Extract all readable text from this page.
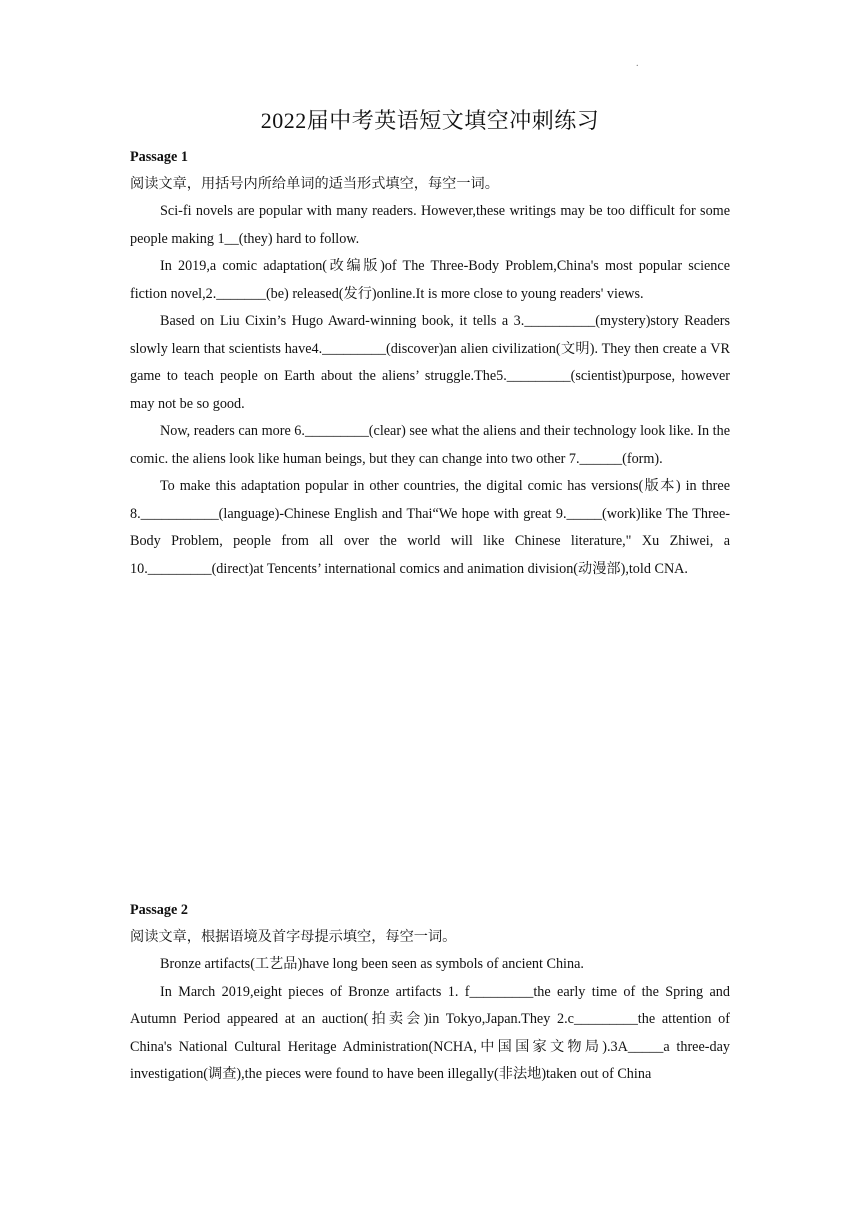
.
2022届中考英语短文填空冲刺练习
Passage 1
阅读文章，用括号内所给单词的适当形式填空，每空一词。

Sci-fi novels are popular with many readers. However,these writings may be too difficult for some people making 1__(they) hard to follow.

In 2019,a comic adaptation(改编版)of The Three-Body Problem,China's most popular science fiction novel,2._______(be) released(发行)online.It is more close to young readers' views.

Based on Liu Cixin’s Hugo Award-winning book, it tells a 3.__________(mystery)story Readers slowly learn that scientists have4._________(discover)an alien civilization(文明). They then create a VR game to teach people on Earth about the aliens’ struggle.The5._________(scientist)purpose, however may not be so good.

Now, readers can more 6._________(clear) see what the aliens and their technology look like. In the comic. the aliens look like human beings, but they can change into two other 7.______(form).

To make this adaptation popular in other countries, the digital comic has versions(版本) in three 8.___________(language)-Chinese English and Thai“We hope with great 9._____(work)like The Three-Body Problem, people from all over the world will like Chinese literature," Xu Zhiwei, a 10._________(direct)at Tencents’ international comics and animation division(动漫部),told CNA.

Passage 2
阅读文章，根据语境及首字母提示填空，每空一词。

Bronze artifacts(工艺品)have long been seen as symbols of ancient China.

In March 2019,eight pieces of Bronze artifacts 1. f_________the early time of the Spring and Autumn Period appeared at an auction(拍卖会)in Tokyo,Japan.They 2.c_________the attention of China's National Cultural Heritage Administration(NCHA,中国国家文物局).3A_____a three-day investigation(调查),the pieces were found to have been illegally(非法地)taken out of China
